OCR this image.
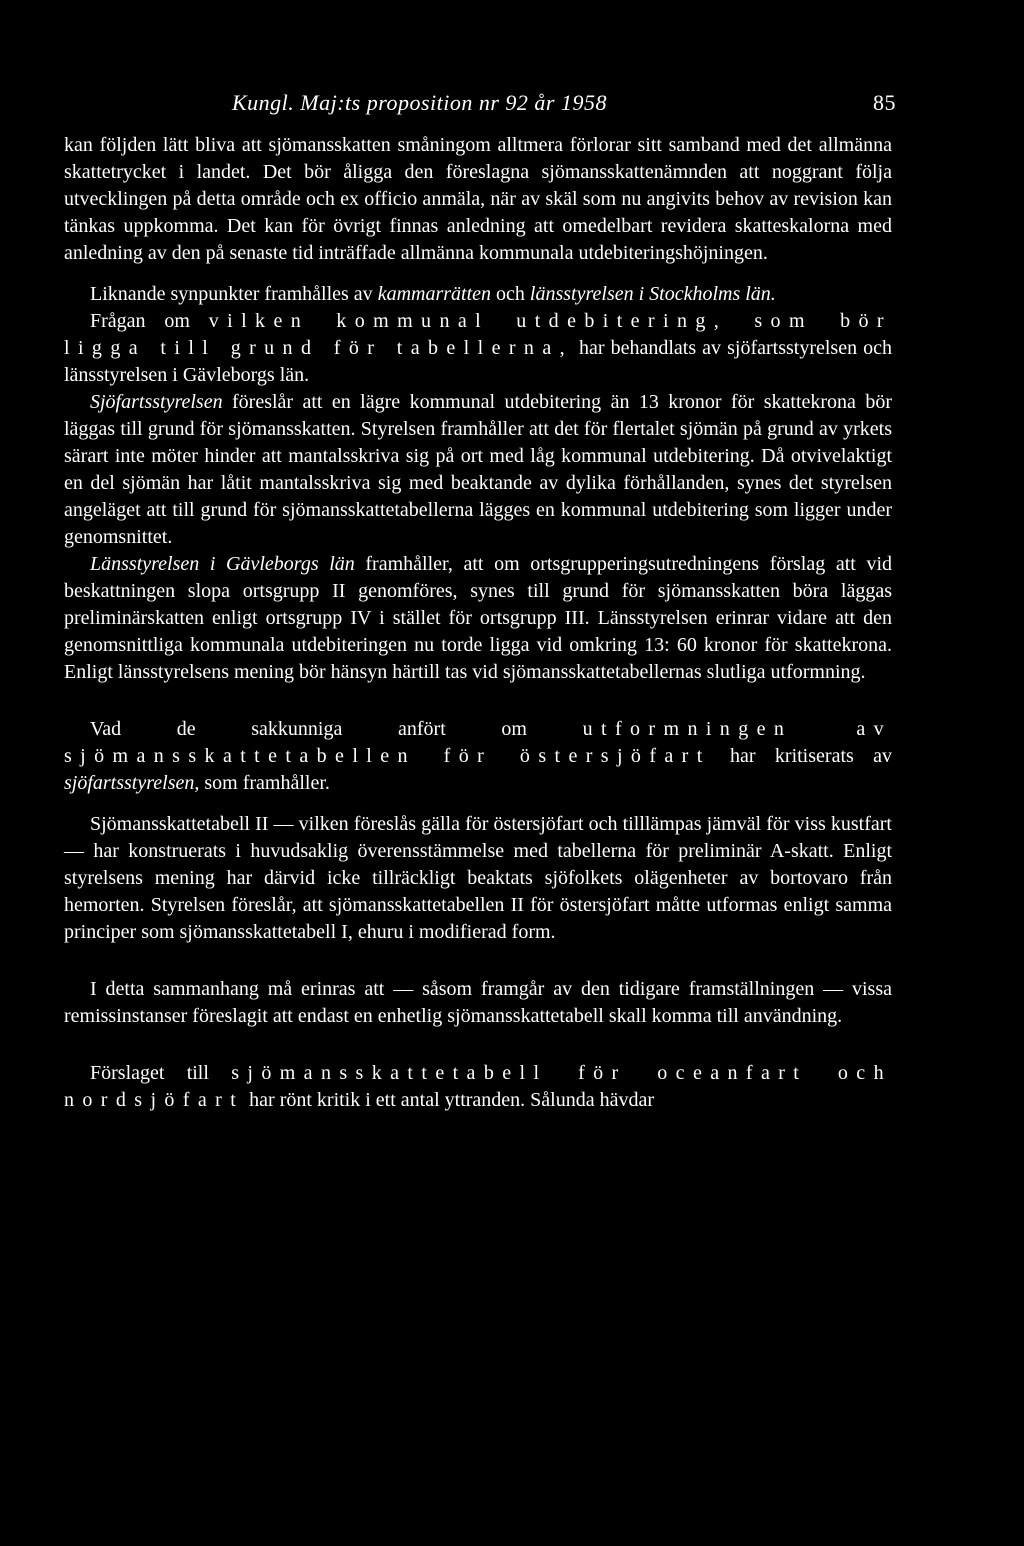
Kungl. Maj:ts proposition nr 92 år 1958	85

kan följden lätt bliva att sjömansskatten småningom alltmera förlorar sitt samband med det allmänna skattetrycket i landet. Det bör åligga den föreslagna sjömansskattenämnden att noggrant följa utvecklingen på detta område och ex officio anmäla, när av skäl som nu angivits behov av revision kan tänkas uppkomma. Det kan för övrigt finnas anledning att omedelbart revidera skatteskalorna med anledning av den på senaste tid inträffade allmänna kommunala utdebiteringshöjningen.

Liknande synpunkter framhålles av kammarrätten och länsstyrelsen i Stockholms län.

Frågan om vilken kommunal utdebitering, som bör ligga till grund för tabellerna, har behandlats av sjöfartsstyrelsen och länsstyrelsen i Gävleborgs län.

Sjöfartsstyrelsen föreslår att en lägre kommunal utdebitering än 13 kronor för skattekrona bör läggas till grund för sjömansskatten. Styrelsen framhåller att det för flertalet sjömän på grund av yrkets särart inte möter hinder att mantalsskriva sig på ort med låg kommunal utdebitering. Då otvivelaktigt en del sjömän har låtit mantalsskriva sig med beaktande av dylika förhållanden, synes det styrelsen angeläget att till grund för sjömansskattetabellerna lägges en kommunal utdebitering som ligger under genomsnittet.

Länsstyrelsen i Gävleborgs län framhåller, att om ortsgrupperingsutredningens förslag att vid beskattningen slopa ortsgrupp II genomföres, synes till grund för sjömansskatten böra läggas preliminärskatten enligt ortsgrupp IV i stället för ortsgrupp III. Länsstyrelsen erinrar vidare att den genomsnittliga kommunala utdebiteringen nu torde ligga vid omkring 13: 60 kronor för skattekrona. Enligt länsstyrelsens mening bör hänsyn härtill tas vid sjömansskattetabellernas slutliga utformning.

Vad de sakkunniga anfört om utformningen av sjömansskattetabellen för östersjöfart har kritiserats av sjöfartsstyrelsen, som framhåller.

Sjömansskattetabell II — vilken föreslås gälla för östersjöfart och tilllämpas jämväl för viss kustfart — har konstruerats i huvudsaklig överensstämmelse med tabellerna för preliminär A-skatt. Enligt styrelsens mening har därvid icke tillräckligt beaktats sjöfolkets olägenheter av bortovaro från hemorten. Styrelsen föreslår, att sjömansskattetabellen II för östersjöfart måtte utformas enligt samma principer som sjömansskattetabell I, ehuru i modifierad form.

I detta sammanhang må erinras att — såsom framgår av den tidigare framställningen — vissa remissinstanser föreslagit att endast en enhetlig sjömansskattetabell skall komma till användning.

Förslaget till sjömansskattetabell för oceanfart och nordsjöfart har rönt kritik i ett antal yttranden. Sålunda hävdar
